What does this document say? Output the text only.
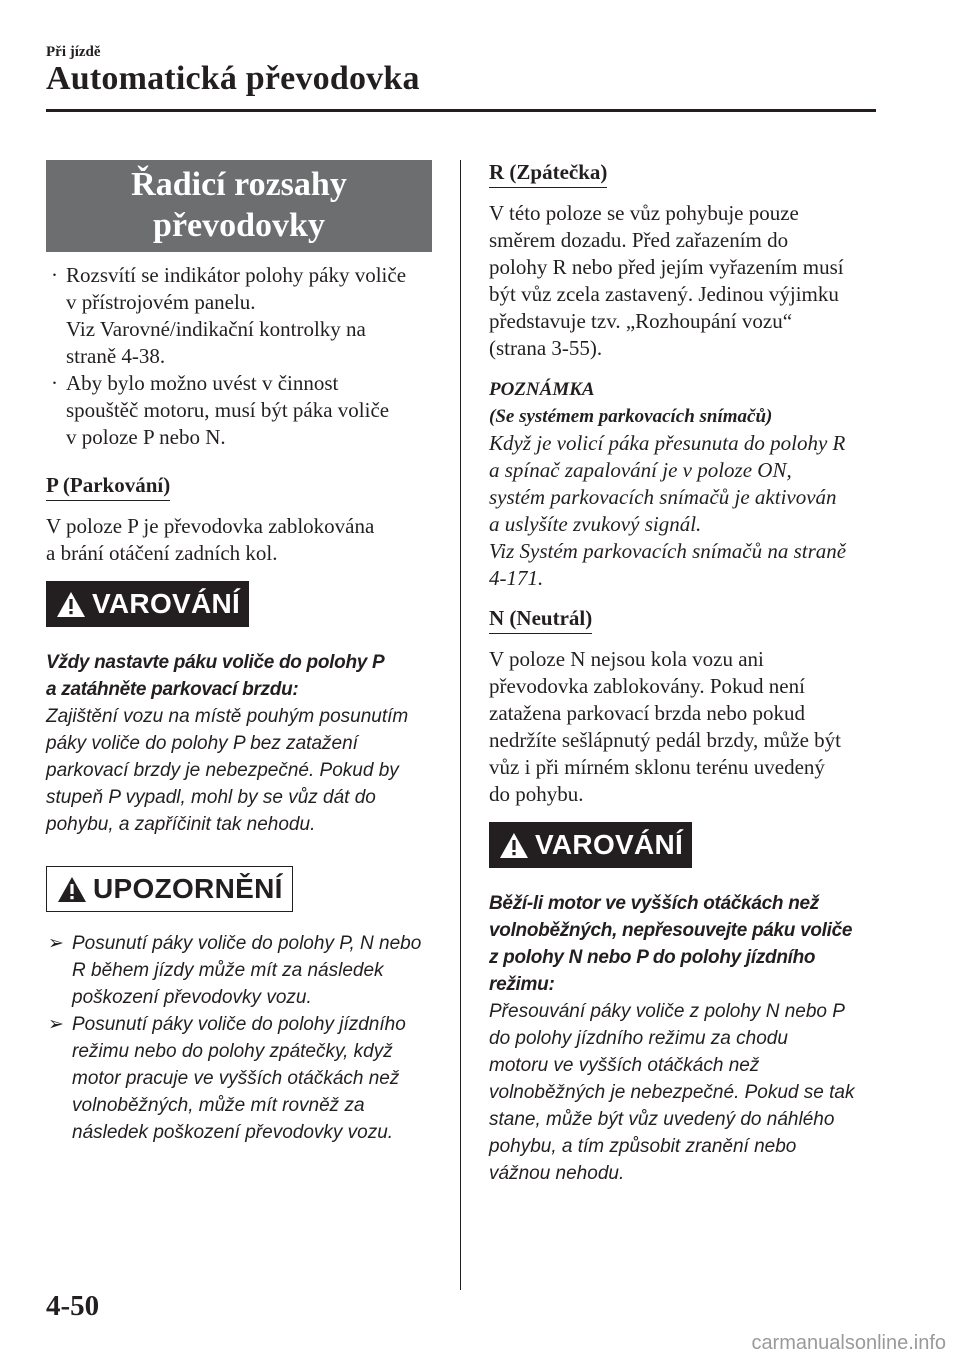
Při jízdě
Automatická převodovka
Řadicí rozsahy
převodovky
· Rozsvítí se indikátor polohy páky voliče
v přístrojovém panelu.
Viz Varovné/indikační kontrolky na
straně 4-38.
· Aby bylo možno uvést v činnost
spouštěč motoru, musí být páka voliče
v poloze P nebo N.
P (Parkování)

V poloze P je převodovka zablokována
a brání otáčení zadních kol.

VAROVÁNÍ

Vždy nastavte páku voliče do polohy P
a zatáhněte parkovací brzdu:

Zajištění vozu na místě pouhým posunutím
páky voliče do polohy P bez zatažení
parkovací brzdy je nebezpečné. Pokud by
stupeň P vypadl, mohl by se vůz dát do
pohybu, a zapříčinit tak nehodu.

UPOZORNĚNÍ
➢ Posunutí páky voliče do polohy P, N nebo
R během jízdy může mít za následek
poškození převodovky vozu.
➢ Posunutí páky voliče do polohy jízdního
režimu nebo do polohy zpátečky, když
motor pracuje ve vyšších otáčkách než
volnoběžných, může mít rovněž za
následek poškození převodovky vozu.
R (Zpátečka)

V této poloze se vůz pohybuje pouze
směrem dozadu. Před zařazením do
polohy R nebo před jejím vyřazením musí
být vůz zcela zastavený. Jedinou výjimku
představuje tzv. „Rozhoupání vozu“
(strana 3-55).

POZNÁMKA

(Se systémem parkovacích snímačů)

Když je volicí páka přesunuta do polohy R
a spínač zapalování je v poloze ON,
systém parkovacích snímačů je aktivován
a uslyšíte zvukový signál.
Viz Systém parkovacích snímačů na straně
4-171.

N (Neutrál)

V poloze N nejsou kola vozu ani
převodovka zablokovány. Pokud není
zatažena parkovací brzda nebo pokud
nedržíte sešlápnutý pedál brzdy, může být
vůz i při mírném sklonu terénu uvedený
do pohybu.

VAROVÁNÍ

Běží-li motor ve vyšších otáčkách než
volnoběžných, nepřesouvejte páku voliče
z polohy N nebo P do polohy jízdního
režimu:

Přesouvání páky voliče z polohy N nebo P
do polohy jízdního režimu za chodu
motoru ve vyšších otáčkách než
volnoběžných je nebezpečné. Pokud se tak
stane, může být vůz uvedený do náhlého
pohybu, a tím způsobit zranění nebo
vážnou nehodu.

4-50
carmanualsonline.info
